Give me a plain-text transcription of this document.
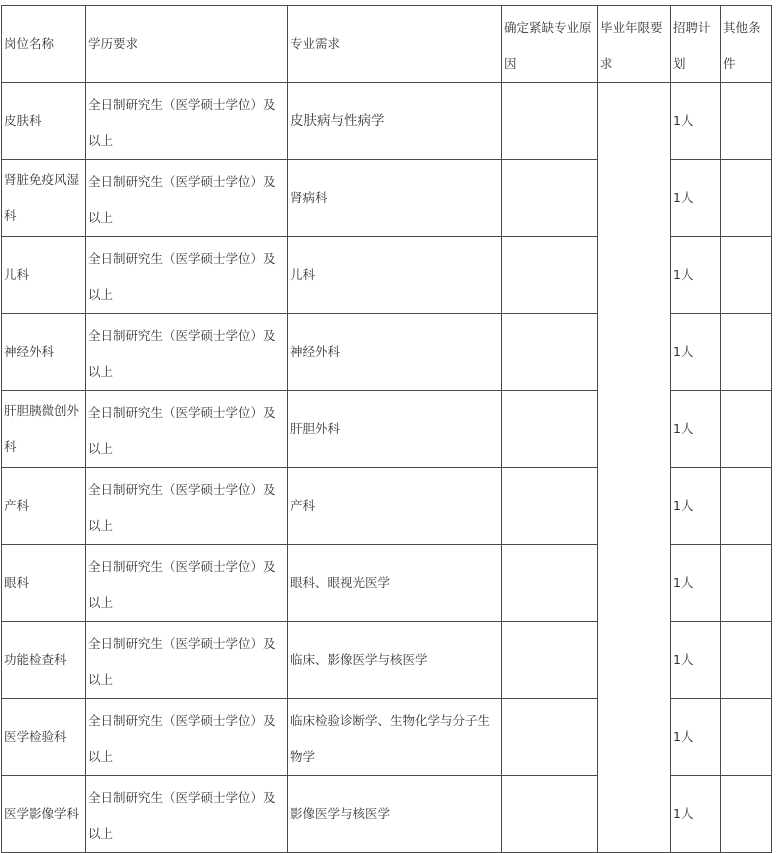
岗位名称	学历要求	专业需求	确定紧缺专业原因	毕业年限要求	招聘计划	其他条件
皮肤科	全日制研究生（医学硕士学位）及以上	皮肤病与性病学			1人	
肾脏免疫风湿科	全日制研究生（医学硕士学位）及以上	肾病科			1人	
儿科	全日制研究生（医学硕士学位）及以上	儿科			1人	
神经外科	全日制研究生（医学硕士学位）及以上	神经外科			1人	
肝胆胰微创外科	全日制研究生（医学硕士学位）及以上	肝胆外科			1人	
产科	全日制研究生（医学硕士学位）及以上	产科			1人	
眼科	全日制研究生（医学硕士学位）及以上	眼科、眼视光医学			1人	
功能检查科	全日制研究生（医学硕士学位）及以上	临床、影像医学与核医学			1人	
医学检验科	全日制研究生（医学硕士学位）及以上	临床检验诊断学、生物化学与分子生物学			1人	
医学影像学科	全日制研究生（医学硕士学位）及以上	影像医学与核医学			1人	
